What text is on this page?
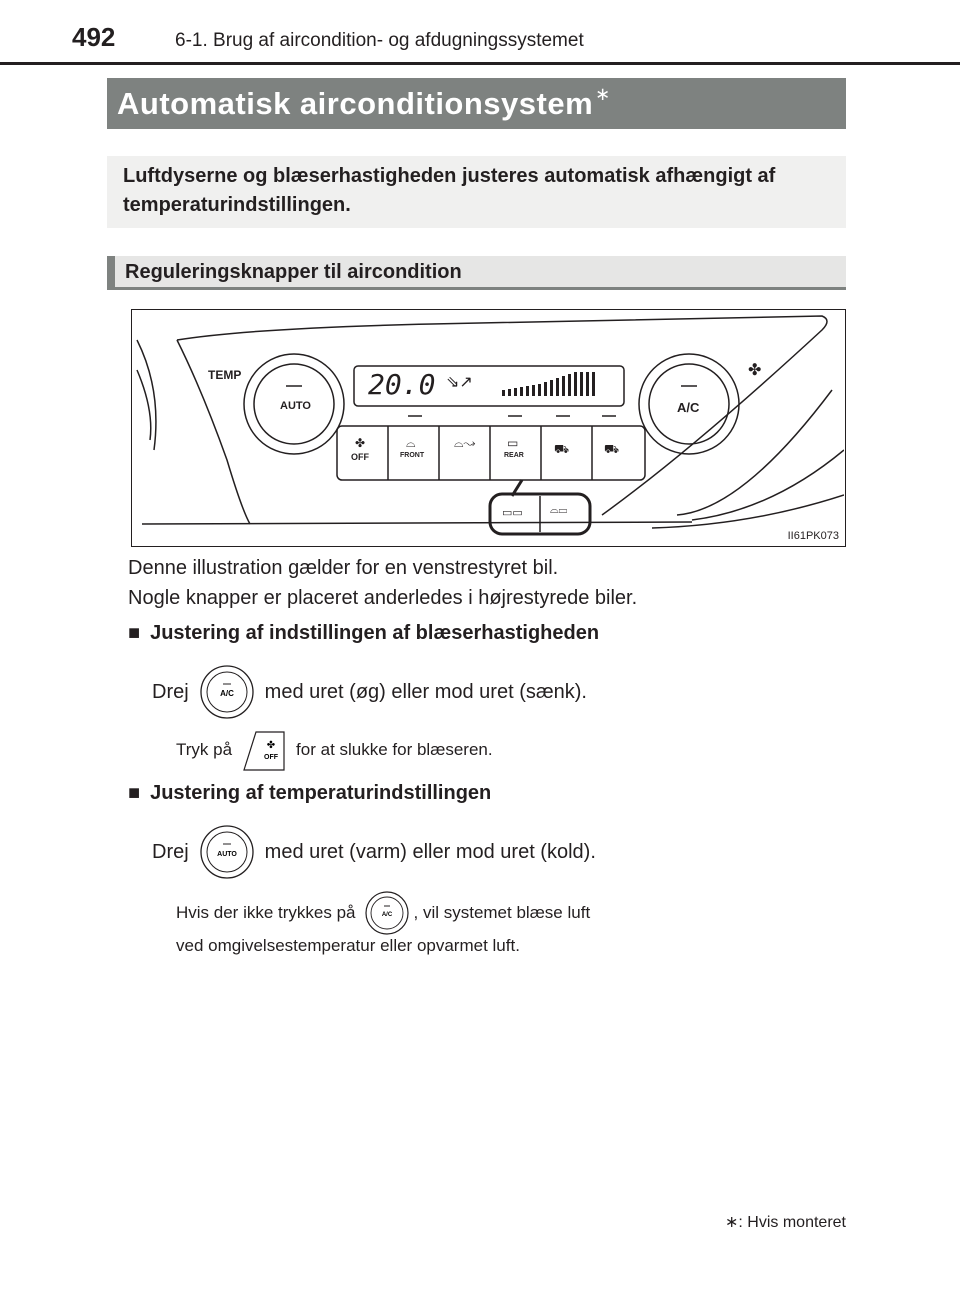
492	6-1. Brug af aircondition- og afdugningssystemet
Automatisk airconditionsystem ∗
Luftdyserne og blæserhastigheden justeres automatisk afhængigt af temperaturindstillingen.
Reguleringsknapper til aircondition
TEMP	20.0 ⇘↗
AUTO	A/C
✤
✤
OFF
⌓
FRONT
⌓↝	▭
REAR	⛟	⛟
▭▭ ⌓▭
II61PK073
Denne illustration gælder for en venstrestyret bil.
Nogle knapper er placeret anderledes i højrestyrede biler.
■ Justering af indstillingen af blæserhastigheden
Drej	A/C med uret (øg) eller mod uret (sænk).
Tryk på	✤
OFF for at slukke for blæseren.
■ Justering af temperaturindstillingen
Drej	AUTO med uret (varm) eller mod uret (kold).
Hvis der ikke trykkes på	A/C , vil systemet blæse luft
ved omgivelsestemperatur eller opvarmet luft.
∗: Hvis monteret
